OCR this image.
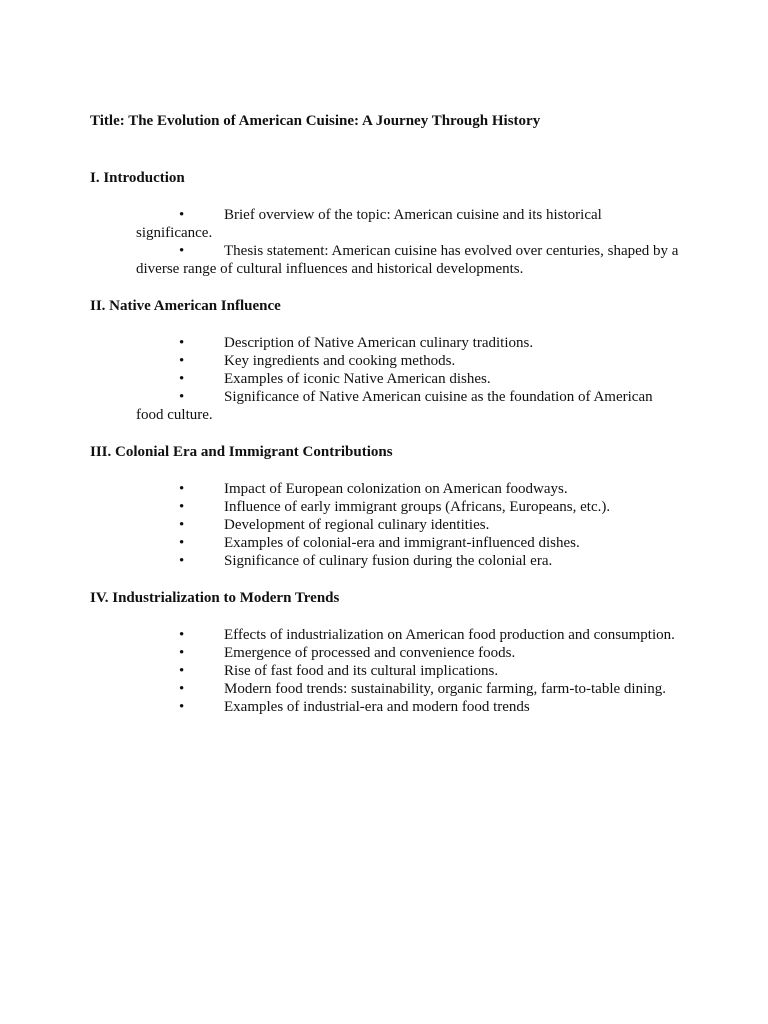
Title: The Evolution of American Cuisine: A Journey Through History
I. Introduction
•	Brief overview of the topic: American cuisine and its historical significance.
•	Thesis statement: American cuisine has evolved over centuries, shaped by a diverse range of cultural influences and historical developments.
II. Native American Influence
•	Description of Native American culinary traditions.
•	Key ingredients and cooking methods.
•	Examples of iconic Native American dishes.
•	Significance of Native American cuisine as the foundation of American food culture.
III. Colonial Era and Immigrant Contributions
•	Impact of European colonization on American foodways.
•	Influence of early immigrant groups (Africans, Europeans, etc.).
•	Development of regional culinary identities.
•	Examples of colonial-era and immigrant-influenced dishes.
•	Significance of culinary fusion during the colonial era.
IV. Industrialization to Modern Trends
•	Effects of industrialization on American food production and consumption.
•	Emergence of processed and convenience foods.
•	Rise of fast food and its cultural implications.
•	Modern food trends: sustainability, organic farming, farm-to-table dining.
•	Examples of industrial-era and modern food trends
